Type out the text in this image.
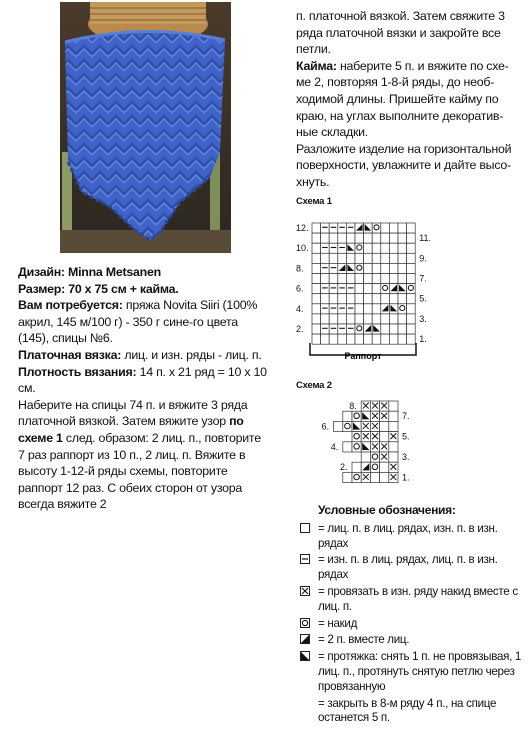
Дизайн: Minna Metsanen

Размер: 70 х 75 см + кайма.

Вам потребуется: пряжа Novita Siiri (100% акрил, 145 м/100 г) - 350 г сине-го цвета (145), спицы №6.

Платочная вязка: лиц. и изн. ряды - лиц. п.

Плотность вязания: 14 п. х 21 ряд = 10 х 10 см.

Наберите на спицы 74 п. и вяжите 3 ряда платочной вязкой. Затем вяжите узор по схеме 1 след. образом: 2 лиц. п., повторите 7 раз раппорт из 10 п., 2 лиц. п. Вяжите в высоту 1-12-й ряды схемы, повторите раппорт 12 раз. С обеих сторон от узора всегда вяжите 2

п. платочной вязкой. Затем свяжите 3 ряда платочной вязки и закройте все петли.

Кайма: наберите 5 п. и вяжите по схе-ме 2, повторяя 1-8-й ряды, до необ-ходимой длины. Пришейте кайму по краю, на углах выполните декоратив-ные складки.

Разложите изделие на горизонтальной поверхности, увлажните и дайте высо-хнуть.

Схема 1
Раппорт
12.
10.
8.
6.
4.
2.
11.
9.
7.
5.
3.
1.
Схема 2
8.
6.
4.
2.
7.
5.
3.
1.
Условные обозначения:
= лиц. п. в лиц. рядах, изн. п. в изн. рядах
= изн. п. в лиц. рядах, лиц. п. в изн. рядах
= провязать в изн. ряду накид вместе с лиц. п.
= накид
= 2 п. вместе лиц.
= протяжка: снять 1 п. не провязывая, 1 лиц. п., протянуть снятую петлю через провязанную
= закрыть в 8-м ряду 4 п., на спице останется 5 п.
